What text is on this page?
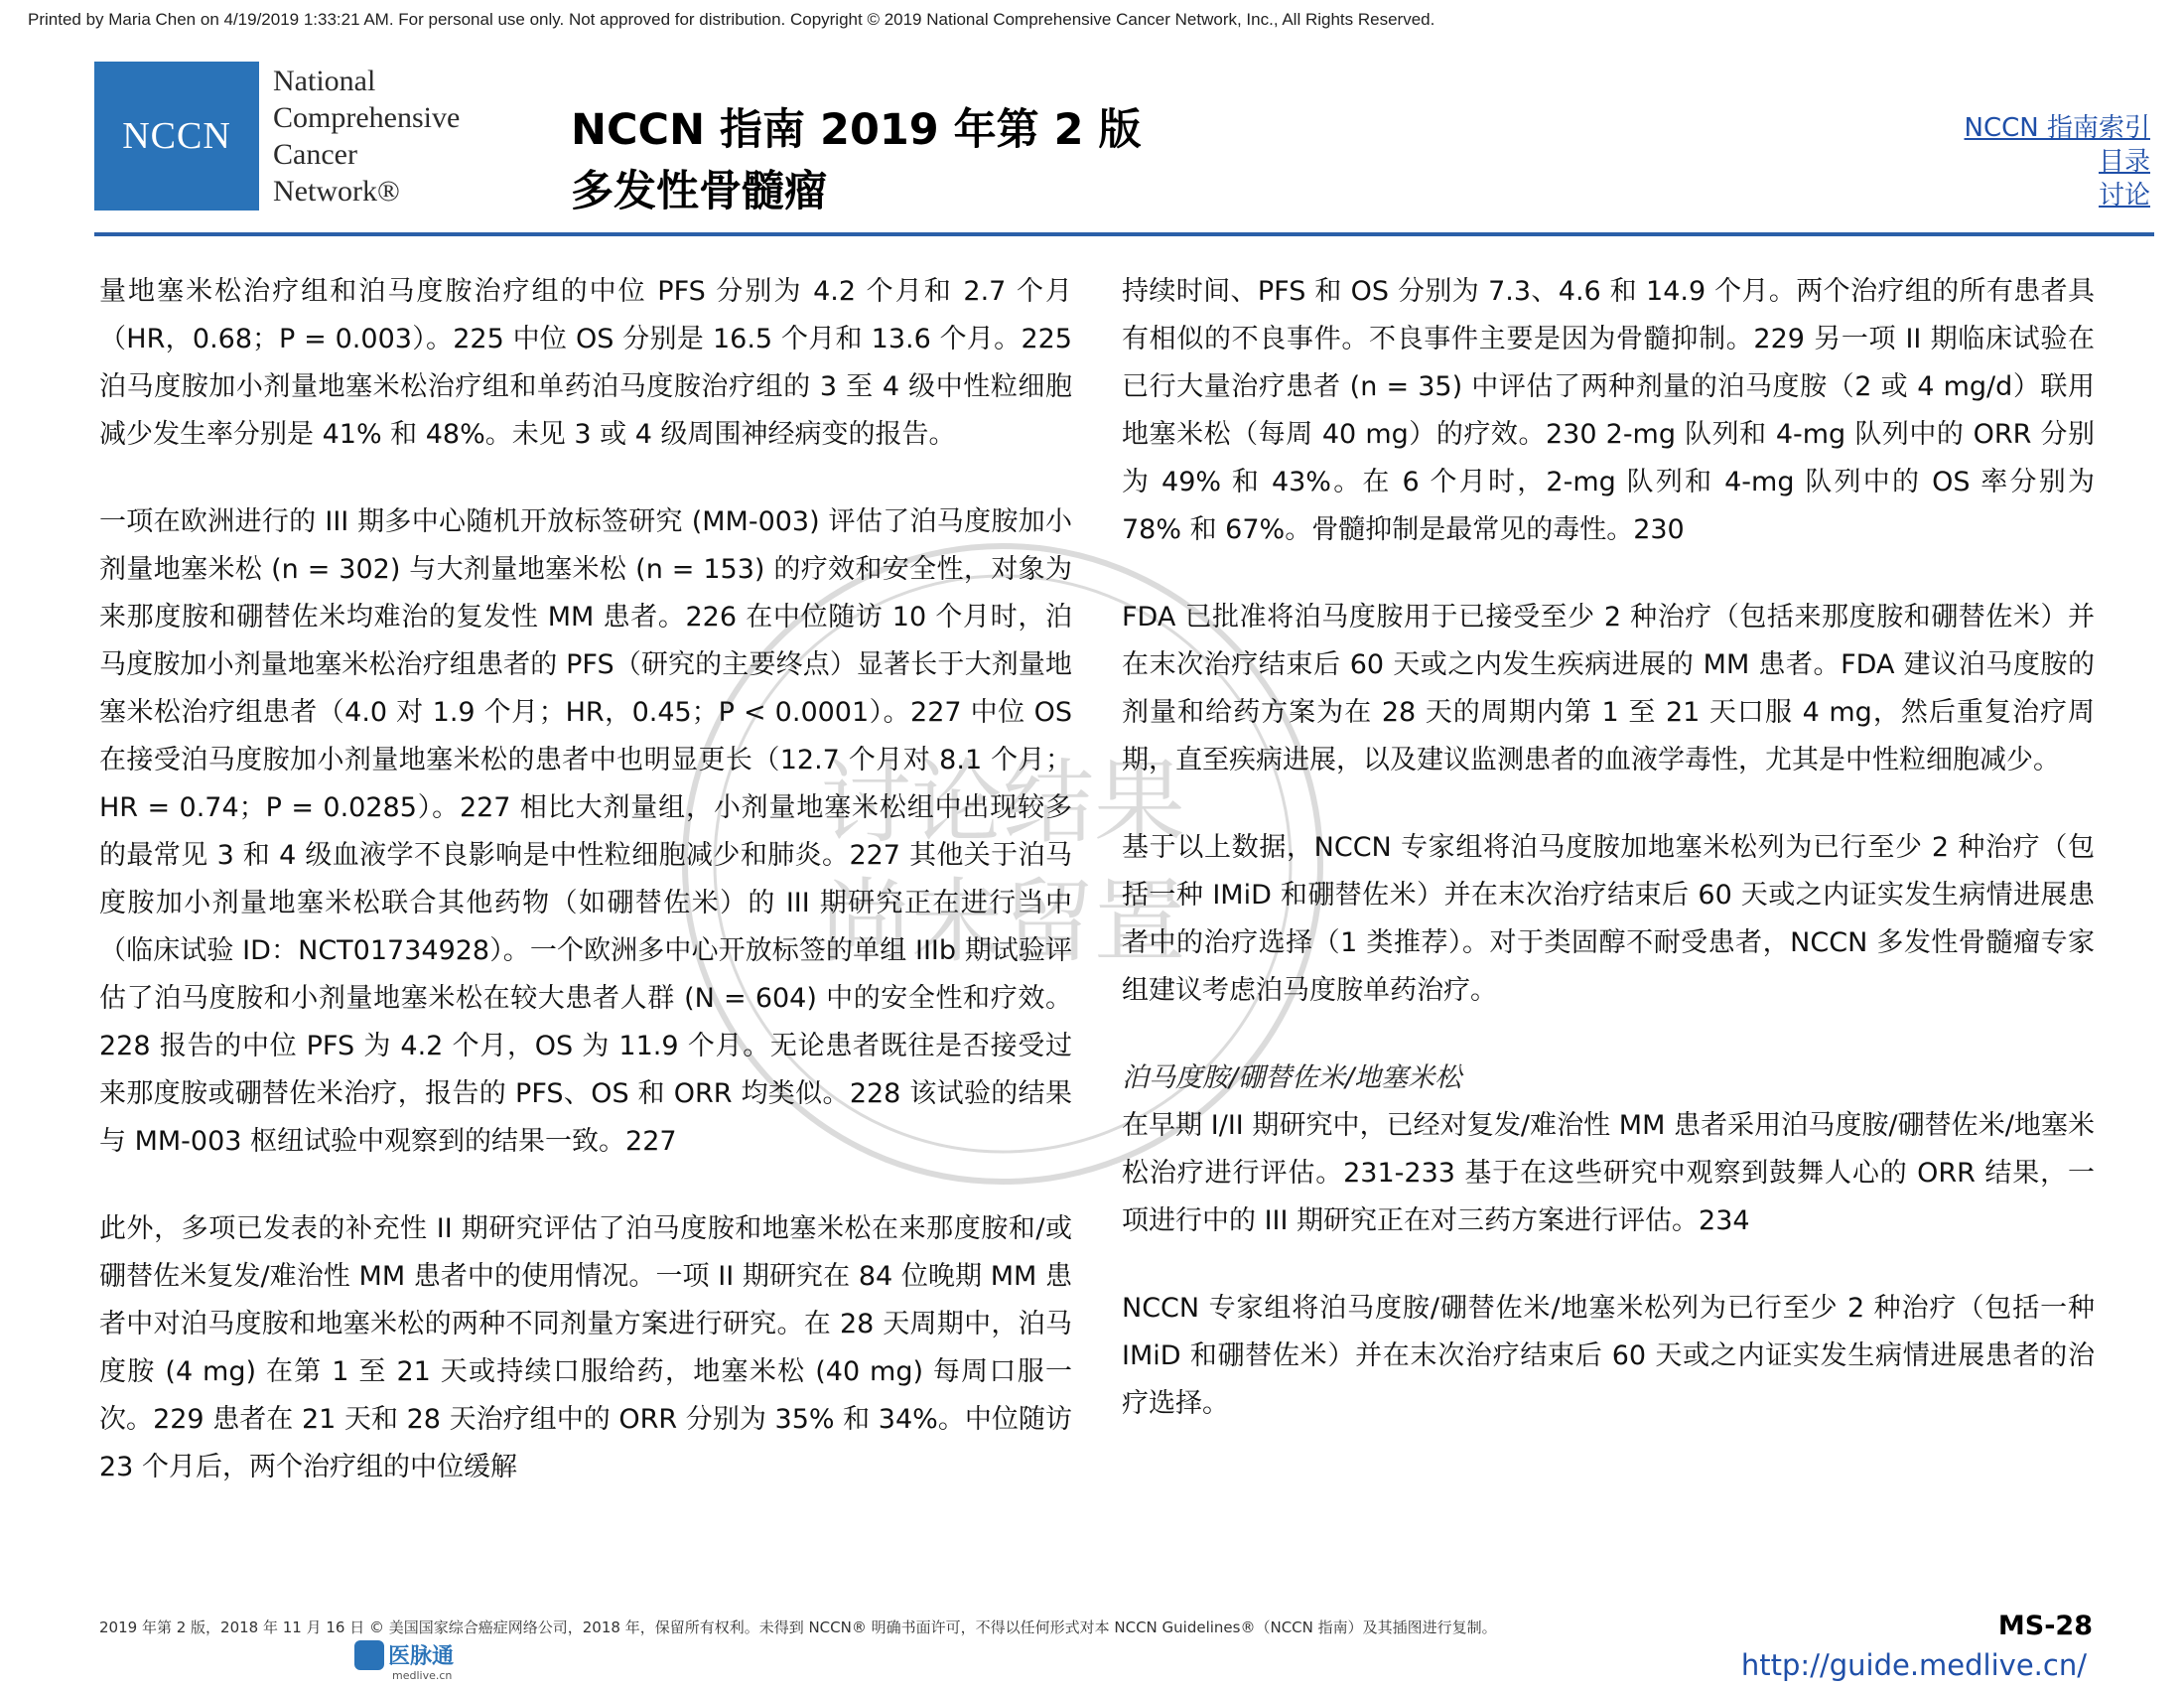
Printed by Maria Chen on 4/19/2019 1:33:21 AM. For personal use only. Not approved for distribution. Copyright © 2019 National Comprehensive Cancer Network, Inc., All Rights Reserved.
NCCN
National
Comprehensive
Cancer
Network®
NCCN 指南 2019 年第 2 版
多发性骨髓瘤
NCCN 指南索引
目录
讨论
讨论结果
尚未留置

量地塞米松治疗组和泊马度胺治疗组的中位 PFS 分别为 4.2 个月和 2.7 个月（HR，0.68；P = 0.003）。225 中位 OS 分别是 16.5 个月和 13.6 个月。225 泊马度胺加小剂量地塞米松治疗组和单药泊马度胺治疗组的 3 至 4 级中性粒细胞减少发生率分别是 41% 和 48%。未见 3 或 4 级周围神经病变的报告。

一项在欧洲进行的 III 期多中心随机开放标签研究 (MM-003) 评估了泊马度胺加小剂量地塞米松 (n = 302) 与大剂量地塞米松 (n = 153) 的疗效和安全性，对象为来那度胺和硼替佐米均难治的复发性 MM 患者。226 在中位随访 10 个月时，泊马度胺加小剂量地塞米松治疗组患者的 PFS（研究的主要终点）显著长于大剂量地塞米松治疗组患者（4.0 对 1.9 个月；HR，0.45；P < 0.0001）。227 中位 OS 在接受泊马度胺加小剂量地塞米松的患者中也明显更长（12.7 个月对 8.1 个月；HR = 0.74；P = 0.0285）。227 相比大剂量组，小剂量地塞米松组中出现较多的最常见 3 和 4 级血液学不良影响是中性粒细胞减少和肺炎。227 其他关于泊马度胺加小剂量地塞米松联合其他药物（如硼替佐米）的 III 期研究正在进行当中（临床试验 ID：NCT01734928）。一个欧洲多中心开放标签的单组 IIIb 期试验评估了泊马度胺和小剂量地塞米松在较大患者人群 (N = 604) 中的安全性和疗效。228 报告的中位 PFS 为 4.2 个月，OS 为 11.9 个月。无论患者既往是否接受过来那度胺或硼替佐米治疗，报告的 PFS、OS 和 ORR 均类似。228 该试验的结果与 MM-003 枢纽试验中观察到的结果一致。227

此外，多项已发表的补充性 II 期研究评估了泊马度胺和地塞米松在来那度胺和/或硼替佐米复发/难治性 MM 患者中的使用情况。一项 II 期研究在 84 位晚期 MM 患者中对泊马度胺和地塞米松的两种不同剂量方案进行研究。在 28 天周期中，泊马度胺 (4 mg) 在第 1 至 21 天或持续口服给药，地塞米松 (40 mg) 每周口服一次。229 患者在 21 天和 28 天治疗组中的 ORR 分别为 35% 和 34%。中位随访 23 个月后，两个治疗组的中位缓解

持续时间、PFS 和 OS 分别为 7.3、4.6 和 14.9 个月。两个治疗组的所有患者具有相似的不良事件。不良事件主要是因为骨髓抑制。229 另一项 II 期临床试验在已行大量治疗患者 (n = 35) 中评估了两种剂量的泊马度胺（2 或 4 mg/d）联用地塞米松（每周 40 mg）的疗效。230 2-mg 队列和 4-mg 队列中的 ORR 分别为 49% 和 43%。在 6 个月时，2-mg 队列和 4-mg 队列中的 OS 率分别为 78% 和 67%。骨髓抑制是最常见的毒性。230

FDA 已批准将泊马度胺用于已接受至少 2 种治疗（包括来那度胺和硼替佐米）并在末次治疗结束后 60 天或之内发生疾病进展的 MM 患者。FDA 建议泊马度胺的剂量和给药方案为在 28 天的周期内第 1 至 21 天口服 4 mg，然后重复治疗周期，直至疾病进展，以及建议监测患者的血液学毒性，尤其是中性粒细胞减少。

基于以上数据，NCCN 专家组将泊马度胺加地塞米松列为已行至少 2 种治疗（包括一种 IMiD 和硼替佐米）并在末次治疗结束后 60 天或之内证实发生病情进展患者中的治疗选择（1 类推荐）。对于类固醇不耐受患者，NCCN 多发性骨髓瘤专家组建议考虑泊马度胺单药治疗。

泊马度胺/硼替佐米/地塞米松

在早期 I/II 期研究中，已经对复发/难治性 MM 患者采用泊马度胺/硼替佐米/地塞米松治疗进行评估。231-233 基于在这些研究中观察到鼓舞人心的 ORR 结果，一项进行中的 III 期研究正在对三药方案进行评估。234

NCCN 专家组将泊马度胺/硼替佐米/地塞米松列为已行至少 2 种治疗（包括一种 IMiD 和硼替佐米）并在末次治疗结束后 60 天或之内证实发生病情进展患者的治疗选择。

2019 年第 2 版，2018 年 11 月 16 日 © 美国国家综合癌症网络公司，2018 年，保留所有权利。未得到 NCCN® 明确书面许可，不得以任何形式对本 NCCN Guidelines®（NCCN 指南）及其插图进行复制。	MS-28
医脉通
medlive.cn	http://guide.medlive.cn/
